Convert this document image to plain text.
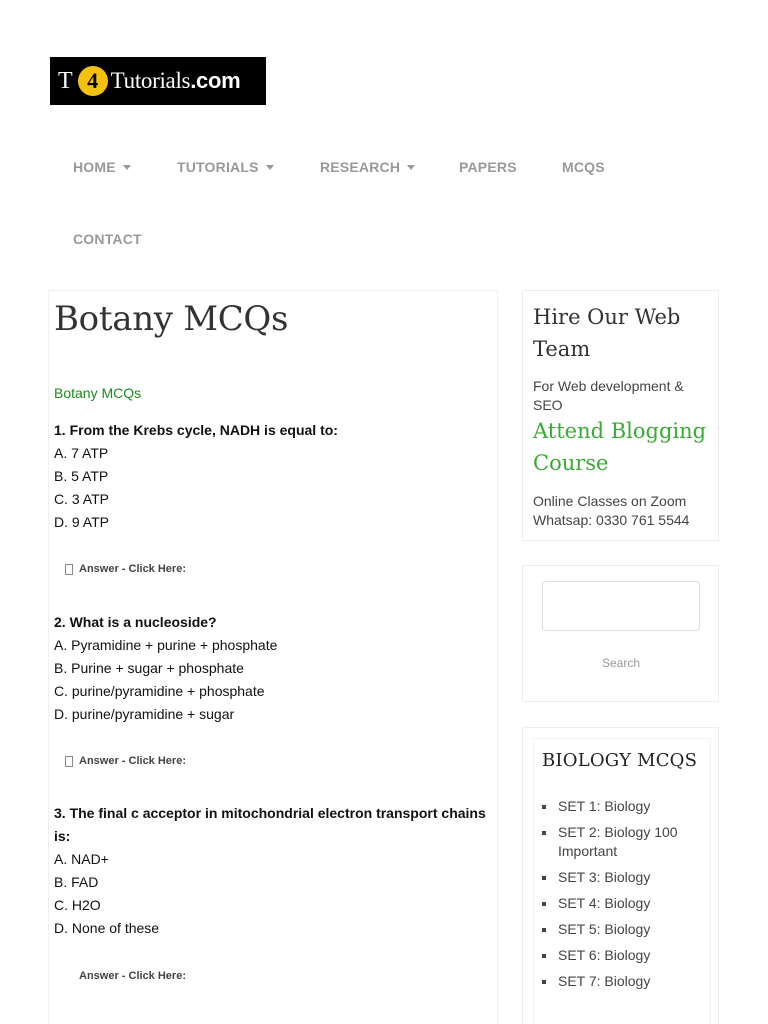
T 4 Tutorials.com
HOME	TUTORIALS	RESEARCH	PAPERS	MCQS
CONTACT
Botany MCQs
Botany MCQs
1. From the Krebs cycle, NADH is equal to:
A. 7 ATP
B. 5 ATP
C. 3 ATP
D. 9 ATP
Answer - Click Here:
2. What is a nucleoside?
A. Pyramidine + purine + phosphate
B. Purine + sugar + phosphate
C. purine/pyramidine + phosphate
D. purine/pyramidine + sugar
Answer - Click Here:
3. The final c acceptor in mitochondrial electron transport chains is:
A. NAD+
B. FAD
C. H2O
D. None of these
Answer - Click Here:
Hire Our Web Team
For Web development & SEO
Attend Blogging Course
Online Classes on Zoom
Whatsap: 0330 761 5544
Search
BIOLOGY MCQS
SET 1: Biology
SET 2: Biology 100 Important
SET 3: Biology
SET 4: Biology
SET 5: Biology
SET 6: Biology
SET 7: Biology
